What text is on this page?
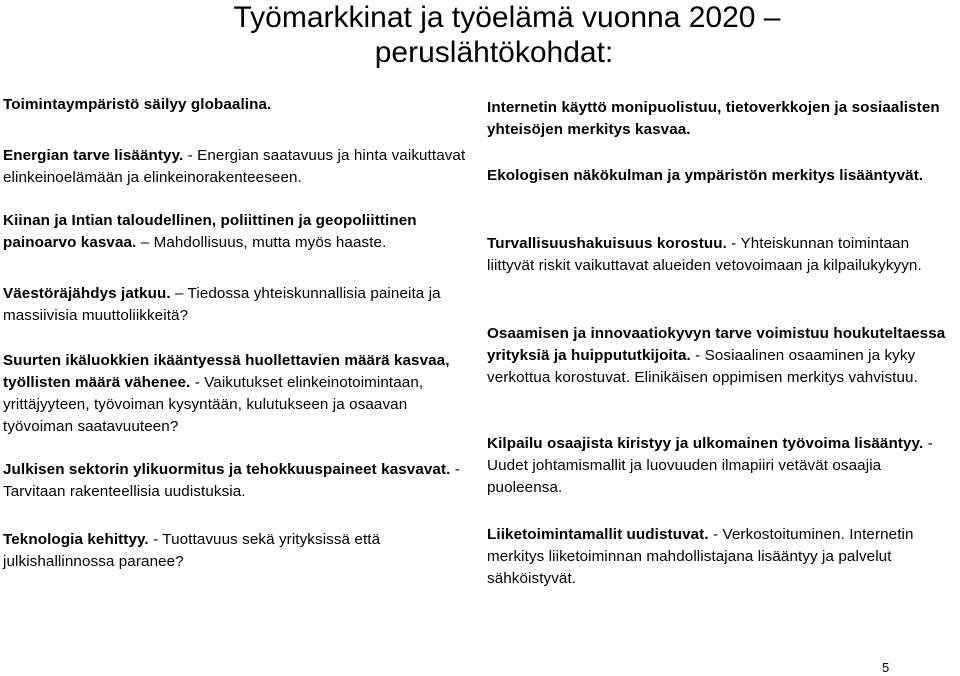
Työmarkkinat ja työelämä vuonna 2020 –
peruslähtökohdat:

Toimintaympäristö säilyy globaalina.

Energian tarve lisääntyy. - Energian saatavuus ja hinta vaikuttavat elinkeinoelämään ja elinkeinorakenteeseen.

Kiinan ja Intian taloudellinen, poliittinen ja geopoliittinen painoarvo kasvaa. – Mahdollisuus, mutta myös haaste.

Väestöräjähdys jatkuu. – Tiedossa yhteiskunnallisia paineita ja massiivisia muuttoliikkeitä?

Suurten ikäluokkien ikääntyessä huollettavien määrä kasvaa, työllisten määrä vähenee. - Vaikutukset elinkeinotoimintaan, yrittäjyyteen, työvoiman kysyntään, kulutukseen ja osaavan työvoiman saatavuuteen?

Julkisen sektorin ylikuormitus ja tehokkuuspaineet kasvavat. - Tarvitaan rakenteellisia uudistuksia.

Teknologia kehittyy. - Tuottavuus sekä yrityksissä että julkishallinnossa paranee?

Internetin käyttö monipuolistuu, tietoverkkojen ja sosiaalisten yhteisöjen merkitys kasvaa.

Ekologisen näkökulman ja ympäristön merkitys lisääntyvät.

Turvallisuushakuisuus korostuu. - Yhteiskunnan toimintaan liittyvät riskit vaikuttavat alueiden vetovoimaan ja kilpailukykyyn.

Osaamisen ja innovaatiokyvyn tarve voimistuu houkuteltaessa yrityksiä ja huippututkijoita. - Sosiaalinen osaaminen ja kyky verkottua korostuvat. Elinikäisen oppimisen merkitys vahvistuu.

Kilpailu osaajista kiristyy ja ulkomainen työvoima lisääntyy. - Uudet johtamismallit ja luovuuden ilmapiiri vetävät osaajia puoleensa.

Liiketoimintamallit uudistuvat. - Verkostoituminen. Internetin merkitys liiketoiminnan mahdollistajana lisääntyy ja palvelut sähköistyvät.

5
